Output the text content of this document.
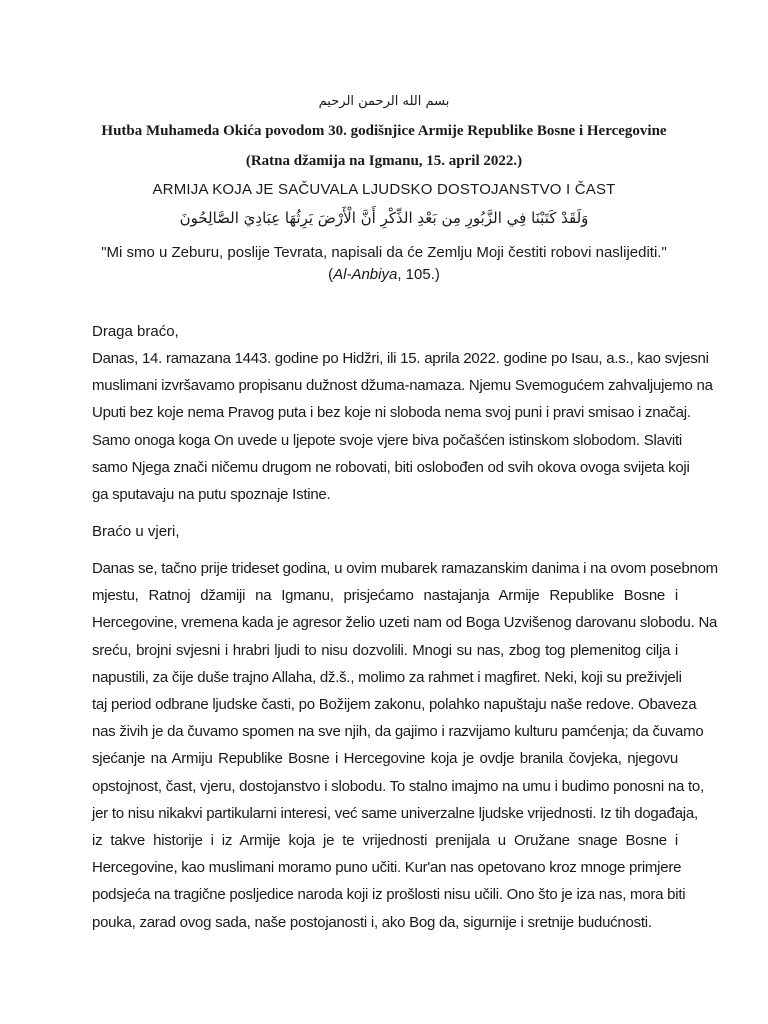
بسم الله الرحمن الرحيم
Hutba Muhameda Okića povodom 30. godišnjice Armije Republike Bosne i Hercegovine
(Ratna džamija na Igmanu, 15. april 2022.)
ARMIJA KOJA JE SAČUVALA LJUDSKO DOSTOJANSTVO I ČAST
وَلَقَدْ كَتَبْنَا فِي الزَّبُورِ مِن بَعْدِ الذِّكْرِ أَنَّ الْأَرْضَ يَرِثُهَا عِبَادِيَ الصَّالِحُونَ
"Mi smo u Zeburu, poslije Tevrata, napisali da će Zemlju Moji čestiti robovi naslijediti." (Al-Anbiya, 105.)
Draga braćo,
Danas, 14. ramazana 1443. godine po Hidžri, ili 15. aprila 2022. godine po Isau, a.s., kao svjesni
muslimani izvršavamo propisanu dužnost džuma-namaza. Njemu Svemogućem zahvaljujemo na
Uputi bez koje nema Pravog puta i bez koje ni sloboda nema svoj puni i pravi smisao i značaj.
Samo onoga koga On uvede u ljepote svoje vjere biva počašćen istinskom slobodom. Slaviti
samo Njega znači ničemu drugom ne robovati, biti oslobođen od svih okova ovoga svijeta koji
ga sputavaju na putu spoznaje Istine.
Braćo u vjeri,
Danas se, tačno prije trideset godina, u ovim mubarek ramazanskim danima i na ovom posebnom
mjestu, Ratnoj džamiji na Igmanu, prisjećamo nastajanja Armije Republike Bosne i
Hercegovine, vremena kada je agresor želio uzeti nam od Boga Uzvišenog darovanu slobodu. Na
sreću, brojni svjesni i hrabri ljudi to nisu dozvolili. Mnogi su nas, zbog tog plemenitog cilja i
napustili, za čije duše trajno Allaha, dž.š., molimo za rahmet i magfiret. Neki, koji su preživjeli
taj period odbrane ljudske časti, po Božijem zakonu, polahko napuštaju naše redove. Obaveza
nas živih je da čuvamo spomen na sve njih, da gajimo i razvijamo kulturu pamćenja; da čuvamo
sjećanje na Armiju Republike Bosne i Hercegovine koja je ovdje branila čovjeka, njegovu
opstojnost, čast, vjeru, dostojanstvo i slobodu. To stalno imajmo na umu i budimo ponosni na to,
jer to nisu nikakvi partikularni interesi, već same univerzalne ljudske vrijednosti. Iz tih događaja,
iz takve historije i iz Armije koja je te vrijednosti prenijala u Oružane snage Bosne i
Hercegovine, kao muslimani moramo puno učiti. Kur'an nas opetovano kroz mnoge primjere
podsjeća na tragične posljedice naroda koji iz prošlosti nisu učili. Ono što je iza nas, mora biti
pouka, zarad ovog sada, naše postojanosti i, ako Bog da, sigurnije i sretnije budućnosti.
